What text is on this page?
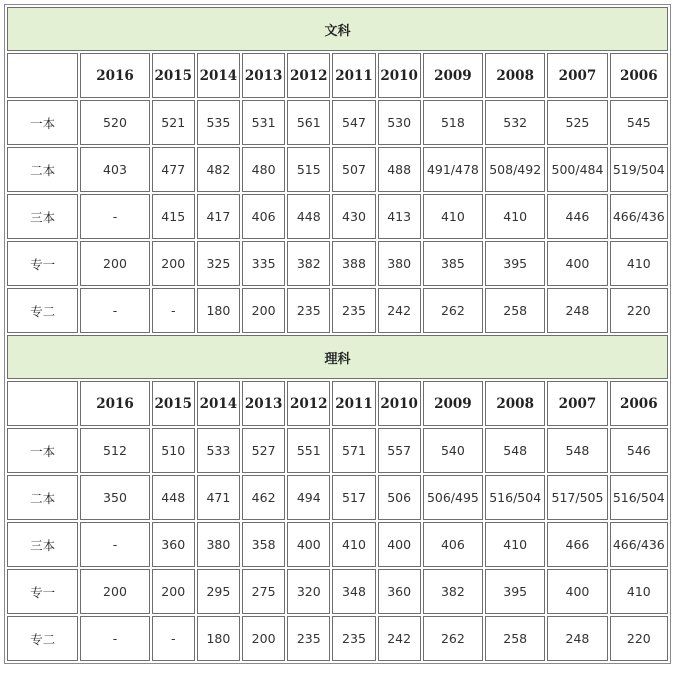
文科											
	2016	2015	2014	2013	2012	2011	2010	2009	2008	2007	2006
一本	520	521	535	531	561	547	530	518	532	525	545
二本	403	477	482	480	515	507	488	491/478	508/492	500/484	519/504
三本	-	415	417	406	448	430	413	410	410	446	466/436
专一	200	200	325	335	382	388	380	385	395	400	410
专二	-	-	180	200	235	235	242	262	258	248	220
理科											
	2016	2015	2014	2013	2012	2011	2010	2009	2008	2007	2006
一本	512	510	533	527	551	571	557	540	548	548	546
二本	350	448	471	462	494	517	506	506/495	516/504	517/505	516/504
三本	-	360	380	358	400	410	400	406	410	466	466/436
专一	200	200	295	275	320	348	360	382	395	400	410
专二	-	-	180	200	235	235	242	262	258	248	220
